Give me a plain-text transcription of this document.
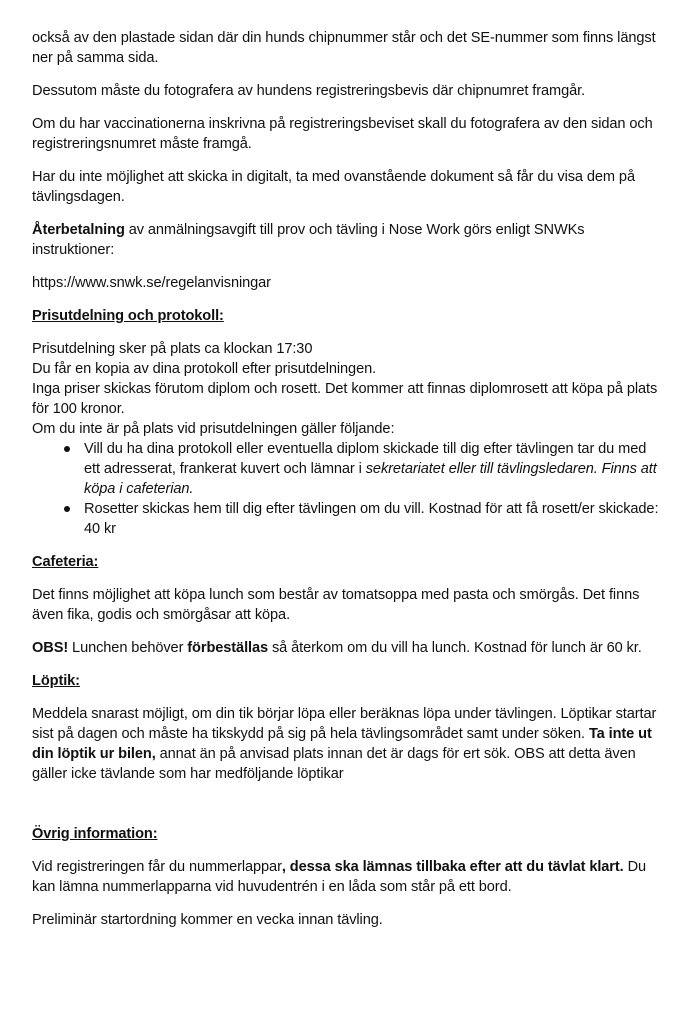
också av den plastade sidan där din hunds chipnummer står och det SE-nummer som finns längst ner på samma sida.

Dessutom måste du fotografera av hundens registreringsbevis där chipnumret framgår.

Om du har vaccinationerna inskrivna på registreringsbeviset skall du fotografera av den sidan och registreringsnumret måste framgå.

Har du inte möjlighet att skicka in digitalt, ta med ovanstående dokument så får du visa dem på tävlingsdagen.

Återbetalning av anmälningsavgift till prov och tävling i Nose Work görs enligt SNWKs instruktioner:

https://www.snwk.se/regelanvisningar

Prisutdelning och protokoll:
Prisutdelning sker på plats ca klockan 17:30
Du får en kopia av dina protokoll efter prisutdelningen.
Inga priser skickas förutom diplom och rosett. Det kommer att finnas diplomrosett att köpa på plats för 100 kronor.
Om du inte är på plats vid prisutdelningen gäller följande:
Vill du ha dina protokoll eller eventuella diplom skickade till dig efter tävlingen tar du med ett adresserat, frankerat kuvert och lämnar i sekretariatet eller till tävlingsledaren. Finns att köpa i cafeterian.
Rosetter skickas hem till dig efter tävlingen om du vill. Kostnad för att få rosett/er skickade: 40 kr
Cafeteria:

Det finns möjlighet att köpa lunch som består av tomatsoppa med pasta och smörgås. Det finns även fika, godis och smörgåsar att köpa.

OBS! Lunchen behöver förbeställas så återkom om du vill ha lunch. Kostnad för lunch är 60 kr.

Löptik:

Meddela snarast möjligt, om din tik börjar löpa eller beräknas löpa under tävlingen. Löptikar startar sist på dagen och måste ha tikskydd på sig på hela tävlingsområdet samt under söken. Ta inte ut din löptik ur bilen, annat än på anvisad plats innan det är dags för ert sök. OBS att detta även gäller icke tävlande som har medföljande löptikar

Övrig information:

Vid registreringen får du nummerlappar, dessa ska lämnas tillbaka efter att du tävlat klart. Du kan lämna nummerlapparna vid huvudentrén i en låda som står på ett bord.

Preliminär startordning kommer en vecka innan tävling.
